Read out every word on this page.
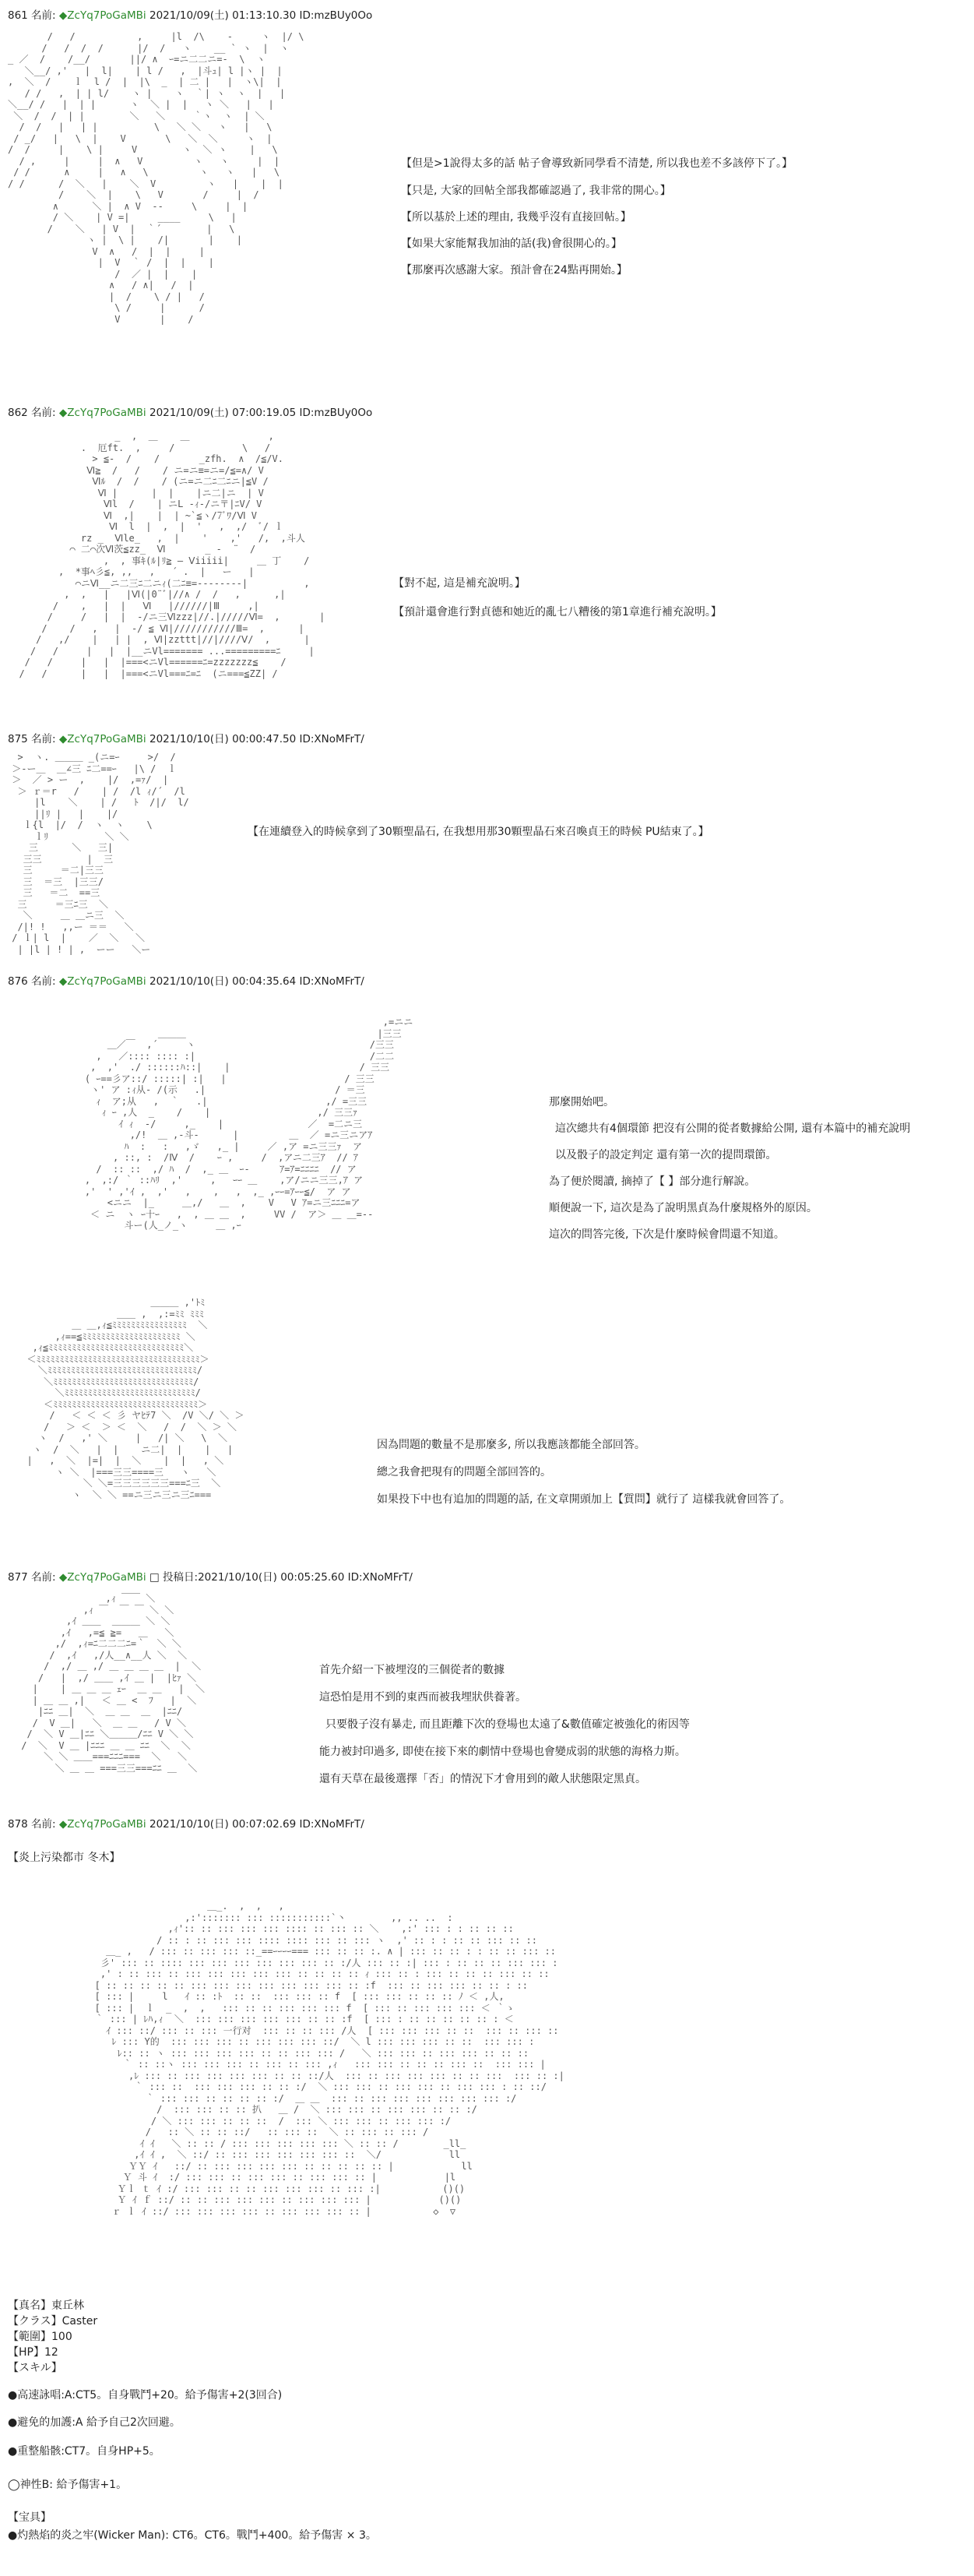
861 名前: ◆ZcYq7PoGaMBi 2021/10/09(土) 01:13:10.30 ID:mzBUy0Oo
/   /           ,     |l  /\    -     ヽ  |/ \
/   /  /  /      |/  /   ヽ    __ ` ヽ  |  ヽ
_ ／  /    /__/       ||/ ∧  ｰ=ニ二二ニ=-  \  ヽ
＼__/ ,'   |  l|    | l /   ,  |斗ｭ| l |ヽ |  |
,  ＼  /    ｌ  l /  |  |\  _  | 二 |   |  ヽ\|  |
/ /   ,  | | l/    ヽ |    ヽ  ｀| ヽ  ヽ  |   |
＼__/ /   |  | |      ヽ  ＼ |  |   ヽ ＼   |   |
＼  /  /  | |        ＼   ＼     ｀ヽ  ヽ  | ＼
/  /   |   | |          \   ＼ ＼   ヽ   |   \
/ _/   |   \  |    V       \   ＼  ＼     ヽ  |
/  /     |    \ |     V        ヽ  ＼ ヽ    |   \
/ ,     |     |  ∧   V         ヽ   ヽ     |  |
/ /      ∧     |   ∧   \         ヽ   ヽ   |   \
/ /      /  ＼   |    ＼  V         ヽ   |    |  |
/    ＼  |    \   V       /     |  /
∧      ＼ |  ∧ V  -‐     \     |  |
/ ＼    | V =|     ____     \   |
/    ＼   | V  |  ｀´        |   \
ヽ |  \ |    /|       |    |
V  ∧   /  |  |     |
|  V  ｀ /  |  |    |
/  ／ |  |    |
∧   / ∧|   /  |
|  /    \ / |   /
\ /     |      /
V       |    /
【但是>1說得太多的話 帖子會導致新同學看不清楚, 所以我也差不多該停下了。】
【只是, 大家的回帖全部我都確認過了, 我非常的開心。】
【所以基於上述的理由, 我幾乎沒有直接回帖。】
【如果大家能幫我加油的話(我)會很開心的。】
【那麼再次感謝大家。預計會在24點再開始。】
862 名前: ◆ZcYq7PoGaMBi 2021/10/09(土) 07:00:19.05 ID:mzBUy0Oo
_  ,  ＿    ＿              ,
.  厄ft.  ,     /            \   /
> ≦-  /    /       _zfh.  ∧  /≦/V.
Ⅵ≧  /   /    / ニ=ニ≡=ニ=/≦=∧/ V
Ⅵﾙ  /  /    / (ニ=ニ二ﾆ二ﾆニ|≦V /
Ⅵ |      |  |    |ニ二|ニ  | V
Ⅵl  /    | ニL -ｨ-/ニ〒|ﾆV/ V
Ⅵ  ,|    |  | ~`≦ヽ/7ﾞﾜ/Ⅵ V
Ⅵ  l  |  ,  |  '   ,  ,/  ﾞ/ ｌ
rz _  Ⅵle_   ,  |    '    ,'   /,  ,斗人
⌒ 二⌒次Ⅵ茨≦zz_  Ⅵ       _ -  ¨  /
,  , 事ｷ(ﾙ|ﾘ≧ ― Ⅴiiiii|     ＿ 丁    /
,  *事ﾍ彡≦, ,,   ,   ´ .  |   ー   |
⌒ニⅥ__ニ二三ﾆ二ニｨ(二ﾆ≡=--------|          ,
,  ,   |   |Ⅵ(|0¨ﾞ|//∧ /  /   ,      ,|
/    ,   |  |   Ⅵ   |//////|Ⅲ     ,|
/     /   |  |  -/ニ三Ⅵzzz|//.|/////Ⅵ=  ,       |
/    /   ,   |  -/ ≦ Ⅵ|///////////Ⅲ=  ,      |
/   ,/    |   | |  , Ⅵ|zzttt|//|////Ⅴ/  ,      |
/   /     |   |  |__ニVl======= ...=========ﾆ     |
/   /     |   |  |===<ニVl======ﾆ=zzzzzzz≦    /
/   /      |   |  |===<ニVl===ﾆ=ﾆ  (ニ===≦ZZ| /
【對不起, 這是補充說明。】
【預計還會進行對貞德和她近的亂七八糟後的第1章進行補充說明。】
875 名前: ◆ZcYq7PoGaMBi 2021/10/10(日) 00:00:47.50 ID:XNoMFrT/
>  ヽ. ＿＿＿ _(ニ=ｰ     >/  /
＞-ー＿  ＿∠三 ﾆ二==ｰ   |\ /  ｌ
＞  ／ > ー  ,    |/  ,=ｧ/  |
＞ ｒ＝r   /    | /  /l ｨ/´  /l
|l    ＼    | /   ﾄ  /|/  l/
||ﾘ |   |    |/
ｌ{l  |/  /  ヽ  ヽ    \
ｌﾘ          ＼ ＼
三      ＼   三|
三三        |  三
三     ＝二|三三
三  ＝三  |三三/
三   ＝二  ==三
三     ＝三ﾆ三  ＼
＼     ＿ ＿ニ三  ＼
/|! !   ,,ー ＝＝   ＼
/ ｌ| l  |    ／  ＼   ＼
| |l | ! | ,  ーー   ＼ー
【在連續登入的時候拿到了30顆聖晶石, 在我想用那30顆聖晶石來召喚貞王的時候 PU結束了。】
876 名前: ◆ZcYq7PoGaMBi 2021/10/10(日) 00:04:35.64 ID:XNoMFrT/
,=ニニ
＿＿＿                                  |三三
＿／￣  ,´     ヽ                               /三三
,   ／:::: :::: :|                               /二二
,  ,'  ./ ::::::ﾊ::|    |                       / 三三
( ｰ==彡ア::/ :::::| :|   |                     / 三三
ヽ' ア :ｨ从- /(示   .|                       / ＝三
ｨ  ア;从   ,  ｀   .|                     ,/ =三三
ｨ ｰ ,人  _    /    |                   ,/ 三三ｧ
ｲ ｨ  -/     ,_    |               ／  =二ニ三
,/!  ＿ ,-斗-      |         ＿  ／ =ニ三ニアｱ
ﾊ  :   :   ,ゞ   ,_ |     ／ ,ア =ニ三三ｧ  ア
, ::, :  /Ⅳ  /    ｰ ,     /  ,アニ二三ｱ  // ｱ
/  :: ::  ,/ ﾊ  /  ,_ ＿  ｰ- 　　 ｱ=ｱ=ﾆﾆﾆﾆ  // ア
,  ,:/ ｀ ::ﾊﾘ  ,'     ,   ｰｰ ＿    ,ア/ニニ三三,ｱ ア
,'  ' ,'ｲ ,  ,'   ,    ,   ,  ,_ ,ｰｰ=ｱｰｰ≦/  ア ア
<ニニ  |_     ＿,/   ＿  ,    V   V ｱ=ニ三ﾆﾆﾆ=ア
＜ ニ  ヽ ｰ十ｰ   ,  , ＿ ＿  ,     VV /  ア＞ ＿ ＿=--
斗ー(人_ノ_ヽ     ＿ ,ｰ
那麼開始吧。
這次總共有4個環節 把沒有公開的從者數據給公開, 還有本篇中的補充說明
以及骰子的設定判定 還有第一次的提問環節。
為了便於閱讀, 摘掉了【 】部分進行解說。
順便說一下, 這次是為了說明黑貞為什麼規格外的原因。
這次的問答完後, 下次是什麼時候會問還不知道。
＿＿＿ ,'ﾄﾐ
＿＿ ,  ,:=ﾐﾐ ﾐﾐﾐ
＿ ＿,ｨ≦ﾐﾐﾐﾐﾐﾐﾐﾐﾐﾐﾐﾐﾐﾐﾐﾐ  ＼
,ｨ==≦ﾐﾐﾐﾐﾐﾐﾐﾐﾐﾐﾐﾐﾐﾐﾐﾐﾐﾐﾐﾐﾐ ＼
,ｨ≦ﾐﾐﾐﾐﾐﾐﾐﾐﾐﾐﾐﾐﾐﾐﾐﾐﾐﾐﾐﾐﾐﾐﾐﾐﾐﾐﾐﾐﾐ＼
＜ﾐﾐﾐﾐﾐﾐﾐﾐﾐﾐﾐﾐﾐﾐﾐﾐﾐﾐﾐﾐﾐﾐﾐﾐﾐﾐﾐﾐﾐﾐﾐﾐﾐﾐﾐ＞
＼ﾐﾐﾐﾐﾐﾐﾐﾐﾐﾐﾐﾐﾐﾐﾐﾐﾐﾐﾐﾐﾐﾐﾐﾐﾐﾐﾐﾐﾐﾐﾐﾐ/
＼ﾐﾐﾐﾐﾐﾐﾐﾐﾐﾐﾐﾐﾐﾐﾐﾐﾐﾐﾐﾐﾐﾐﾐﾐﾐﾐﾐﾐﾐﾐ/
＼ﾐﾐﾐﾐﾐﾐﾐﾐﾐﾐﾐﾐﾐﾐﾐﾐﾐﾐﾐﾐﾐﾐﾐﾐﾐﾐﾐﾐ/
＜ﾐﾐﾐﾐﾐﾐﾐﾐﾐﾐﾐﾐﾐﾐﾐﾐﾐﾐﾐﾐﾐﾐﾐﾐﾐﾐﾐﾐﾐﾐﾐ＞
/   ＜ ＜ ＜ 彡 ヤﾋﾃ7 ＼  /V ＼/ ＼ ＞
/   ＞ ＜  ＞ ＜  ＼   /  /  ＼ ＞ ＼
ヽ  /   ,' ＼     |   /| ＼   \  ＼
ヽ  /  ＼   |  |    ニ二|  |    |   |
|   ,  ＼  |=|  |  ＼    |  |   , ＼
ヽ ＼  |===三三====三   ヽ   ＼
＼ ＼=三三三三三三===ﾆ三  ＼
ヽ  ＼ ＼ ==ニ三ニ三ニ三ﾆ===
因為問題的數量不是那麼多, 所以我應該都能全部回答。
總之我會把現有的問題全部回答的。
如果投下中也有追加的問題的話, 在文章開頭加上【質問】就行了 這樣我就會回答了。
877 名前: ◆ZcYq7PoGaMBi □ 投稿日:2021/10/10(日) 00:05:25.60 ID:XNoMFrT/
,ｨ ￣￣ ＼
,ｨ ￣  ￣ ￣ ＼ ＼
,ｲ ＿＿  ＿＿＿ ＼ ＼
,ｲ   ,=≦ ≧=   ＿   ＼
,/  ,ｨ=ﾆ二二二ﾆ=｀  ＼ ＼
/  ,ｲ   ,/人__∧__人 ＼  ＼
/  ,/ ＿ ,/ ＿ ＿ ＿ ＿  |  ＼
/   |  ,/ ＿＿ ,ｲ ＿ |  |ﾋｧ ＼
|    | ＿ ＿ ＿ ｪｰ  ＿ ＿   |  ＼
| ＿ ＿ ,|   ＜ ＿ <  ﾌ   |  ＼
|ﾆﾆ ＿|  ＼  ＿ ＿  ＿  |ﾆﾆ/
/  V ＿|   ＼  ＿ ＿   / V ＼
/  ＼ V ＿|ﾆﾆ ＼＿＿＿/ﾆﾆ V ＼ ＼
/  ＼  V ＿ |ﾆﾆﾆ ＿ ＿ ﾆﾆ  ＼  ＼
＼ ＼ ＿＿===ﾆﾆﾆ===  ＼   ＼
＼ ＿ ＿ ===三三===ﾆﾆ ＿  ＼
首先介紹一下被埋沒的三個從者的數據
這恐怕是用不到的東西而被我埋狀供養著。
只要骰子沒有暴走, 而且距離下次的登場也太遠了&數值確定被強化的術因等
能力被封印過多, 即使在接下來的劇情中登場也會變成弱的狀態的海格力斯。
還有天草在最後選擇「否」的情況下才會用到的敵人狀態限定黑貞。
878 名前: ◆ZcYq7PoGaMBi 2021/10/10(日) 00:07:02.69 ID:XNoMFrT/
【炎上污染都市 冬木】
＿_.  ,  ,   ,
,:'::::::: ::: :::::::::::`丶        ,, .. ..  :
,ｨ':: :: ::: ::: ::: :::: :: ::: :: ＼    ,:' ::: : : :: :: ::
/ :: : :: ::: ::: :::: :::: ::: :: ::: ヽ  ,' :: : : :: :: ::: :: ::
＿_ ,   / ::: :: ::: ::: ::_==ｰｰｰｰ=== ::: :: :: :. ∧ | ::: :: :: : : :: :: ::: ::
彡' ::: :: :::: ::: ::: ::: ::: ::: ::: :: :/人 ::: :: :| ::: : :: :: :: ::: ::: :
,' : :: ::: :: ::: ::: ::: ::: ::: :: :: :: :: ｨ ::: :: : ::: :: :: :: ::: :: ::
[ :: :: :: :: :: ::: ::: ::: ::: ::: ::: ::: :: :f  ::: :: ::: ::: :: :: : ::
[ ::: |     l   ｲ :: :ﾄ  :: ::  ::: ::: :: f  [ ::: ::: :: :: :: ﾉ ＜ ,人,
[ ::: |  ｌ  _  ,  ,   ::: :: :: ::: ::: ::: f  [ ::: :: ::: ::: ::: ＜ ｀ゝ
｀ ::: | ﾚﾊ,ｨ  ＼  ::: ::: ::: ::: ::: :: :: :f  [ ::: : :: :: :: :: :: : ＜
ｲ ::: ::/ ::: :: ::: 一行对  ::: :: :: ::: /人  [ ::: ::: ::: :: ::  ::: :: ::: ::
ﾚ ::: Y的  ::: ::: ::: :: ::: ::: ::: ::/  ＼ l ::: ::: ::: :: ::  ::: ::: :
ﾚ:: :: ヽ ::: ::: ::: ::: :: :: ::: ::: /   ＼ ::: ::: :: ::: ::: :: :: ::
｀ :: ::ヽ ::: ::: ::: :: ::: :: ::: ,ｨ   ::: ::: :: :: :: ::: ::  ::: ::: |
,ﾚ ::: :: ::: ::: ::: ::: :: :: ::/人  ::: :: ::: ::: ::: :: :: :::  ::: :: :|
｀ ::: ::  ::: ::: ::: :: :: :/  ＼ ::: ::: :: ::: ::: :: ::: ::: : :: ::/
｀ ::: ::: :: :: :: :: :/  ＿ ＿  ::: :: ::: ::: ::: ::: ::: ::: :/
/  ::: ::: :: :: 扒   ＿ /  ＼ ::: ::: :: ::: ::: :: :: :/
/ ＼ ::: ::: :: :: ::  /  ::: ＼ ::: ::: :: ::: ::: :/
/   :: ＼ :: :: ::/   :: ::: ::  ＼ :: ::: :: ::: /
ｲ ｲ   ＼ :: :: / ::: ::: ::: ::: ::: ＼ :: :: /        _ll_
,ｲ ｲ ,  ＼ ::/ :: ::: ::: ::: ::: ::: ::  ＼/            ll
ＹＹ ｲ   ::/ :: ::: ::: ::: ::: :: :: :: :: :: |            ll
Ｙ 斗 ｲ  :/ ::: ::: :: ::: ::: :: ::: ::: :: |            |l
Ｙｌ ｔ ｲ :/ ::: ::: :: :: ::: ::: ::: :: ::: :|           ()()
Ｙ ｲ ｆ ::/ :: :: ::: ::: ::: :: ::: ::: ::: |            ()()
ｒ ｌ ｲ ::/ ::: ::: ::: ::: :: ::: ::: ::: :: |           ◇  ▽
【真名】東丘林
【クラス】Caster
【範圍】100
【HP】12
【スキル】
●高速詠唱:A:CT5。自身戰鬥+20。給予傷害+2(3回合)
●避免的加護:A 給予自己2次回避。
●重整船骸:CT7。自身HP+5。
◯神性B: 給予傷害+1。
【宝具】
●灼熱焰的炎之牢(Wicker Man): CT6。CT6。戰鬥+400。給予傷害 × 3。
